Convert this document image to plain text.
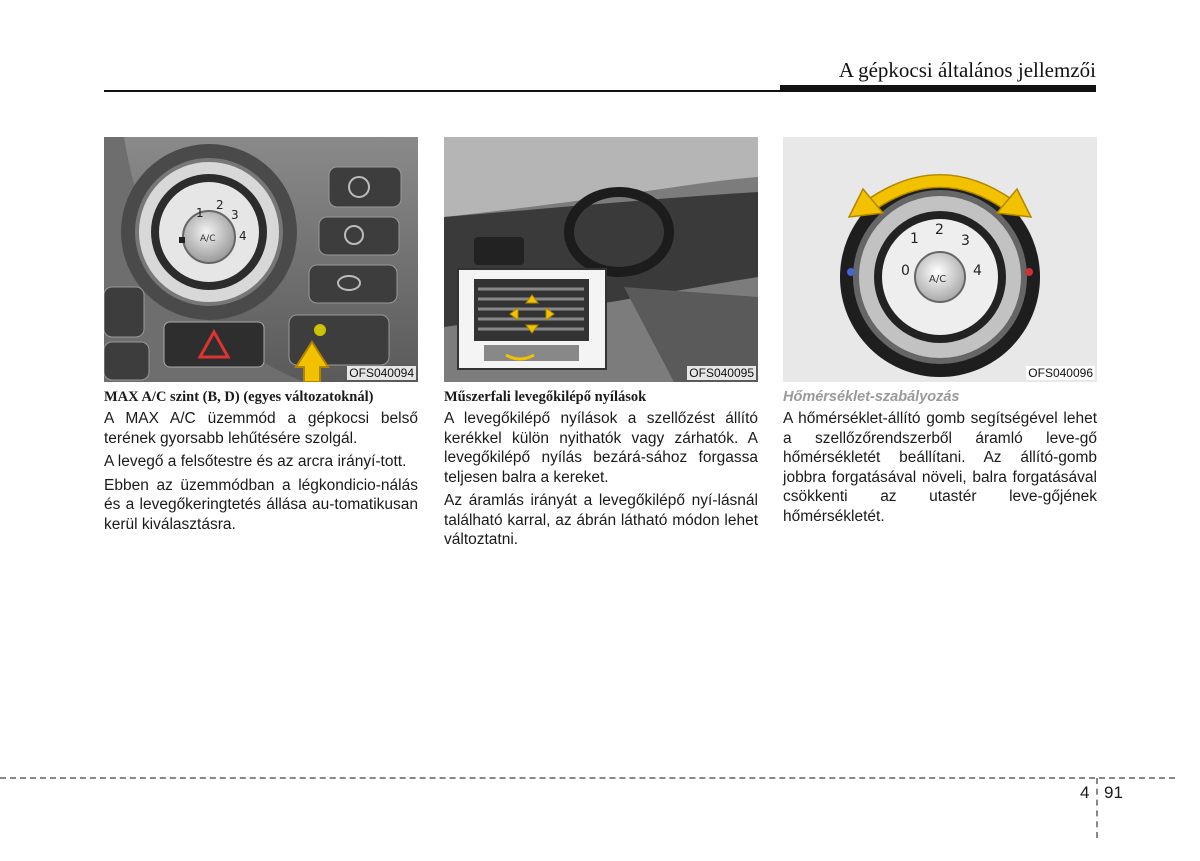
A gépkocsi általános jellemzői
1
2
3
4
A/C
OFS040094
MAX A/C szint (B, D) (egyes változatoknál)

A MAX A/C üzemmód a gépkocsi belső terének gyorsabb lehűtésére szolgál.

A levegő a felsőtestre és az arcra irányí-tott.

Ebben az üzemmódban a légkondicio-nálás és a levegőkeringtetés állása au-tomatikusan kerül kiválasztásra.

OFS040095
Műszerfali levegőkilépő nyílások

A levegőkilépő nyílások a szellőzést állító kerékkel külön nyithatók vagy zárhatók. A levegőkilépő nyílás bezárá-sához forgassa teljesen balra a kereket.

Az áramlás irányát a levegőkilépő nyí-lásnál található karral, az ábrán látható módon lehet változtatni.

0
1
2
3
4
A/C
OFS040096
Hőmérséklet-szabályozás

A hőmérséklet-állító gomb segítségével lehet a szellőzőrendszerből áramló leve-gő hőmérsékletét beállítani. Az állító-gomb jobbra forgatásával növeli, balra forgatásával csökkenti az utastér leve-gőjének hőmérsékletét.

4 91
